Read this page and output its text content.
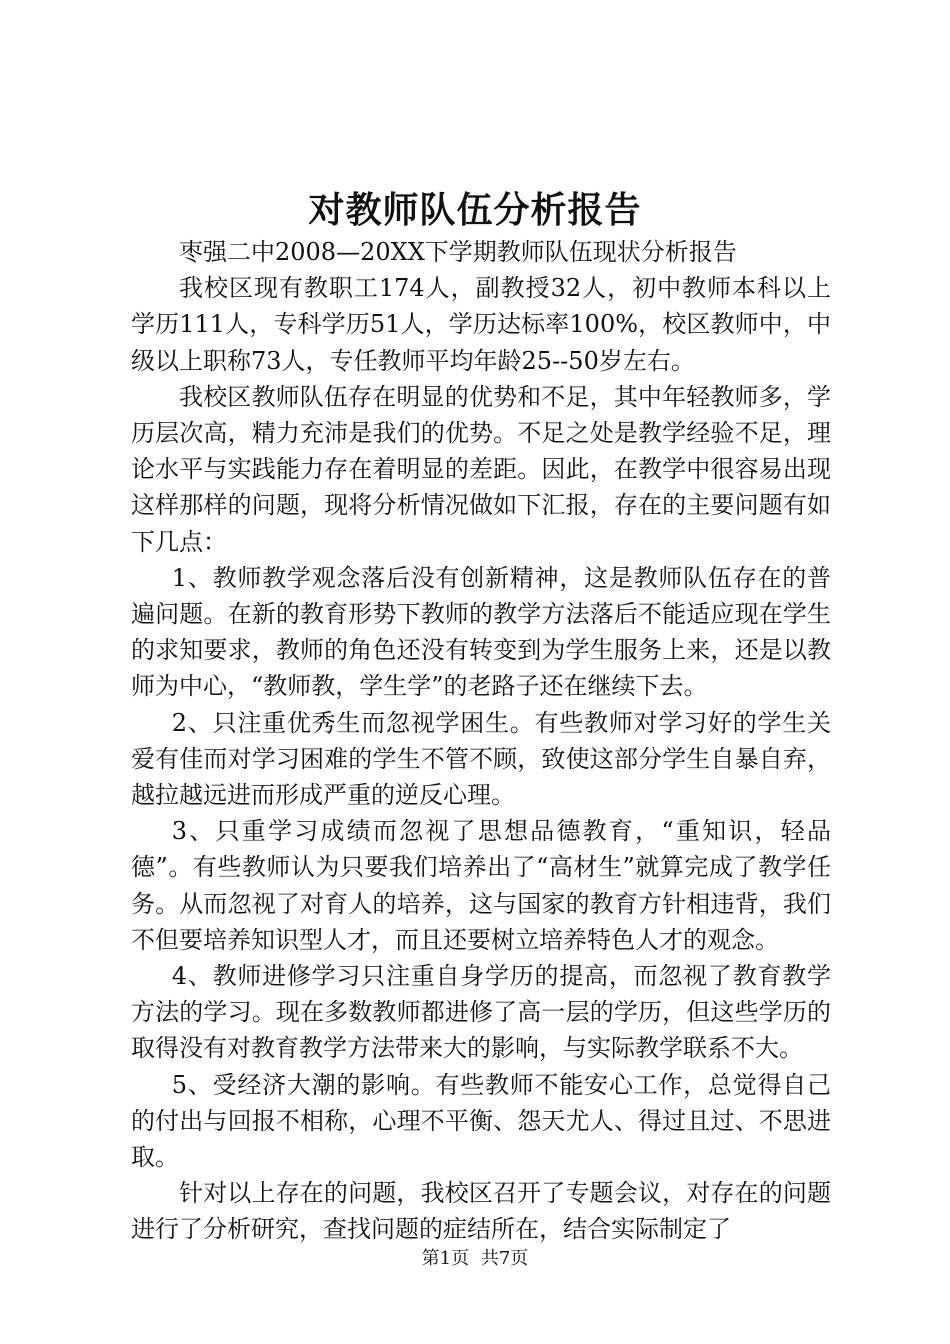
对教师队伍分析报告

枣强二中2008—20XX下学期教师队伍现状分析报告

我校区现有教职工174人，副教授32人，初中教师本科以上学历111人，专科学历51人，学历达标率100%，校区教师中，中级以上职称73人，专任教师平均年龄25--50岁左右。

我校区教师队伍存在明显的优势和不足，其中年轻教师多，学历层次高，精力充沛是我们的优势。不足之处是教学经验不足，理论水平与实践能力存在着明显的差距。因此，在教学中很容易出现这样那样的问题，现将分析情况做如下汇报，存在的主要问题有如下几点：

1、教师教学观念落后没有创新精神，这是教师队伍存在的普遍问题。在新的教育形势下教师的教学方法落后不能适应现在学生的求知要求，教师的角色还没有转变到为学生服务上来，还是以教师为中心，“教师教，学生学”的老路子还在继续下去。

2、只注重优秀生而忽视学困生。有些教师对学习好的学生关爱有佳而对学习困难的学生不管不顾，致使这部分学生自暴自弃，越拉越远进而形成严重的逆反心理。

3、只重学习成绩而忽视了思想品德教育，“重知识，轻品德”。有些教师认为只要我们培养出了“高材生”就算完成了教学任务。从而忽视了对育人的培养，这与国家的教育方针相违背，我们不但要培养知识型人才，而且还要树立培养特色人才的观念。

4、教师进修学习只注重自身学历的提高，而忽视了教育教学方法的学习。现在多数教师都进修了高一层的学历，但这些学历的取得没有对教育教学方法带来大的影响，与实际教学联系不大。

5、受经济大潮的影响。有些教师不能安心工作，总觉得自己的付出与回报不相称，心理不平衡、怨天尤人、得过且过、不思进取。

针对以上存在的问题，我校区召开了专题会议，对存在的问题进行了分析研究，查找问题的症结所在，结合实际制定了

第1页 共7页
